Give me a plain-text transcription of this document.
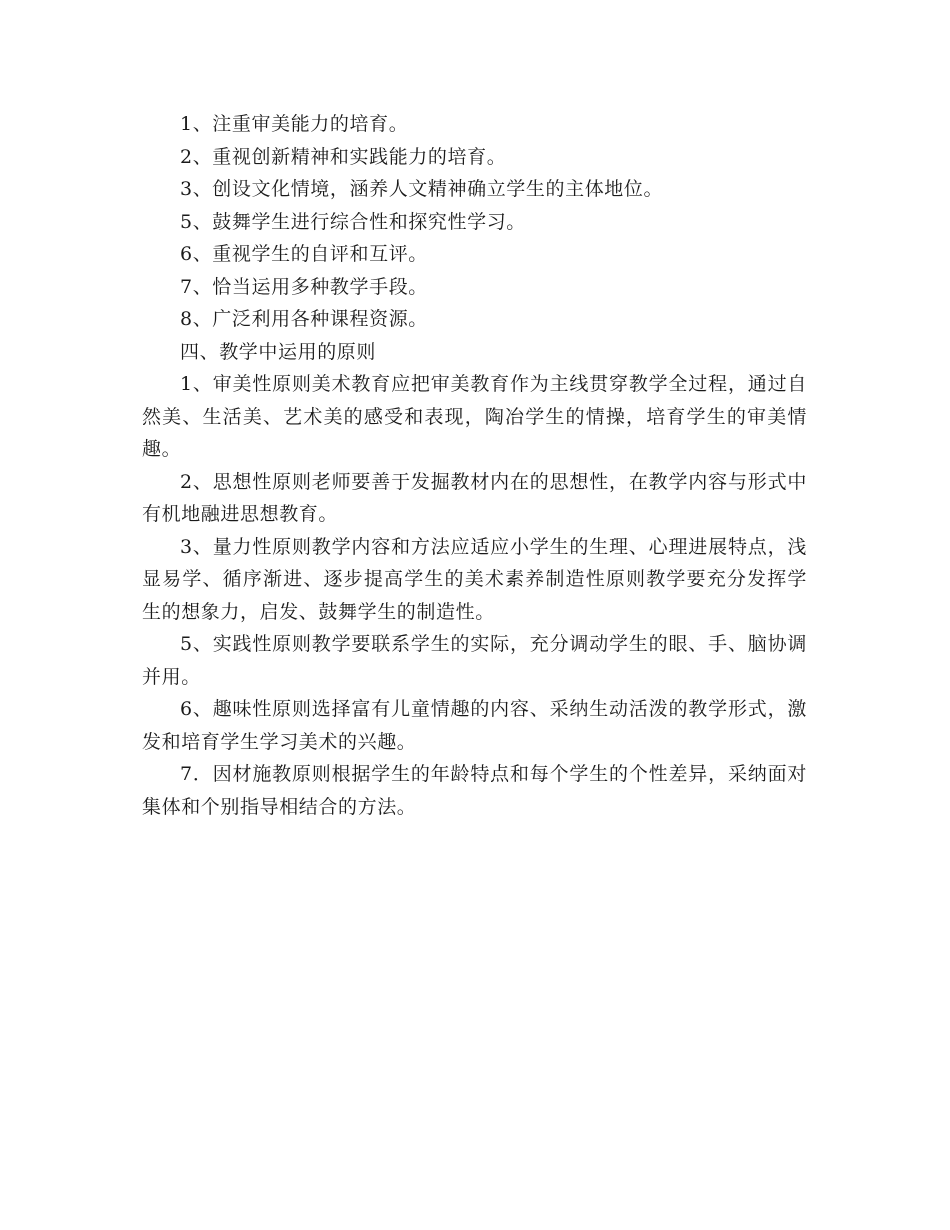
1、注重审美能力的培育。

2、重视创新精神和实践能力的培育。

3、创设文化情境，涵养人文精神确立学生的主体地位。

5、鼓舞学生进行综合性和探究性学习。

6、重视学生的自评和互评。

7、恰当运用多种教学手段。

8、广泛利用各种课程资源。

四、教学中运用的原则

1、审美性原则美术教育应把审美教育作为主线贯穿教学全过程，通过自然美、生活美、艺术美的感受和表现，陶冶学生的情操，培育学生的审美情趣。

2、思想性原则老师要善于发掘教材内在的思想性，在教学内容与形式中有机地融进思想教育。

3、量力性原则教学内容和方法应适应小学生的生理、心理进展特点，浅显易学、循序渐进、逐步提高学生的美术素养制造性原则教学要充分发挥学生的想象力，启发、鼓舞学生的制造性。

5、实践性原则教学要联系学生的实际，充分调动学生的眼、手、脑协调并用。

6、趣味性原则选择富有儿童情趣的内容、采纳生动活泼的教学形式，激发和培育学生学习美术的兴趣。

7．因材施教原则根据学生的年龄特点和每个学生的个性差异，采纳面对集体和个别指导相结合的方法。
